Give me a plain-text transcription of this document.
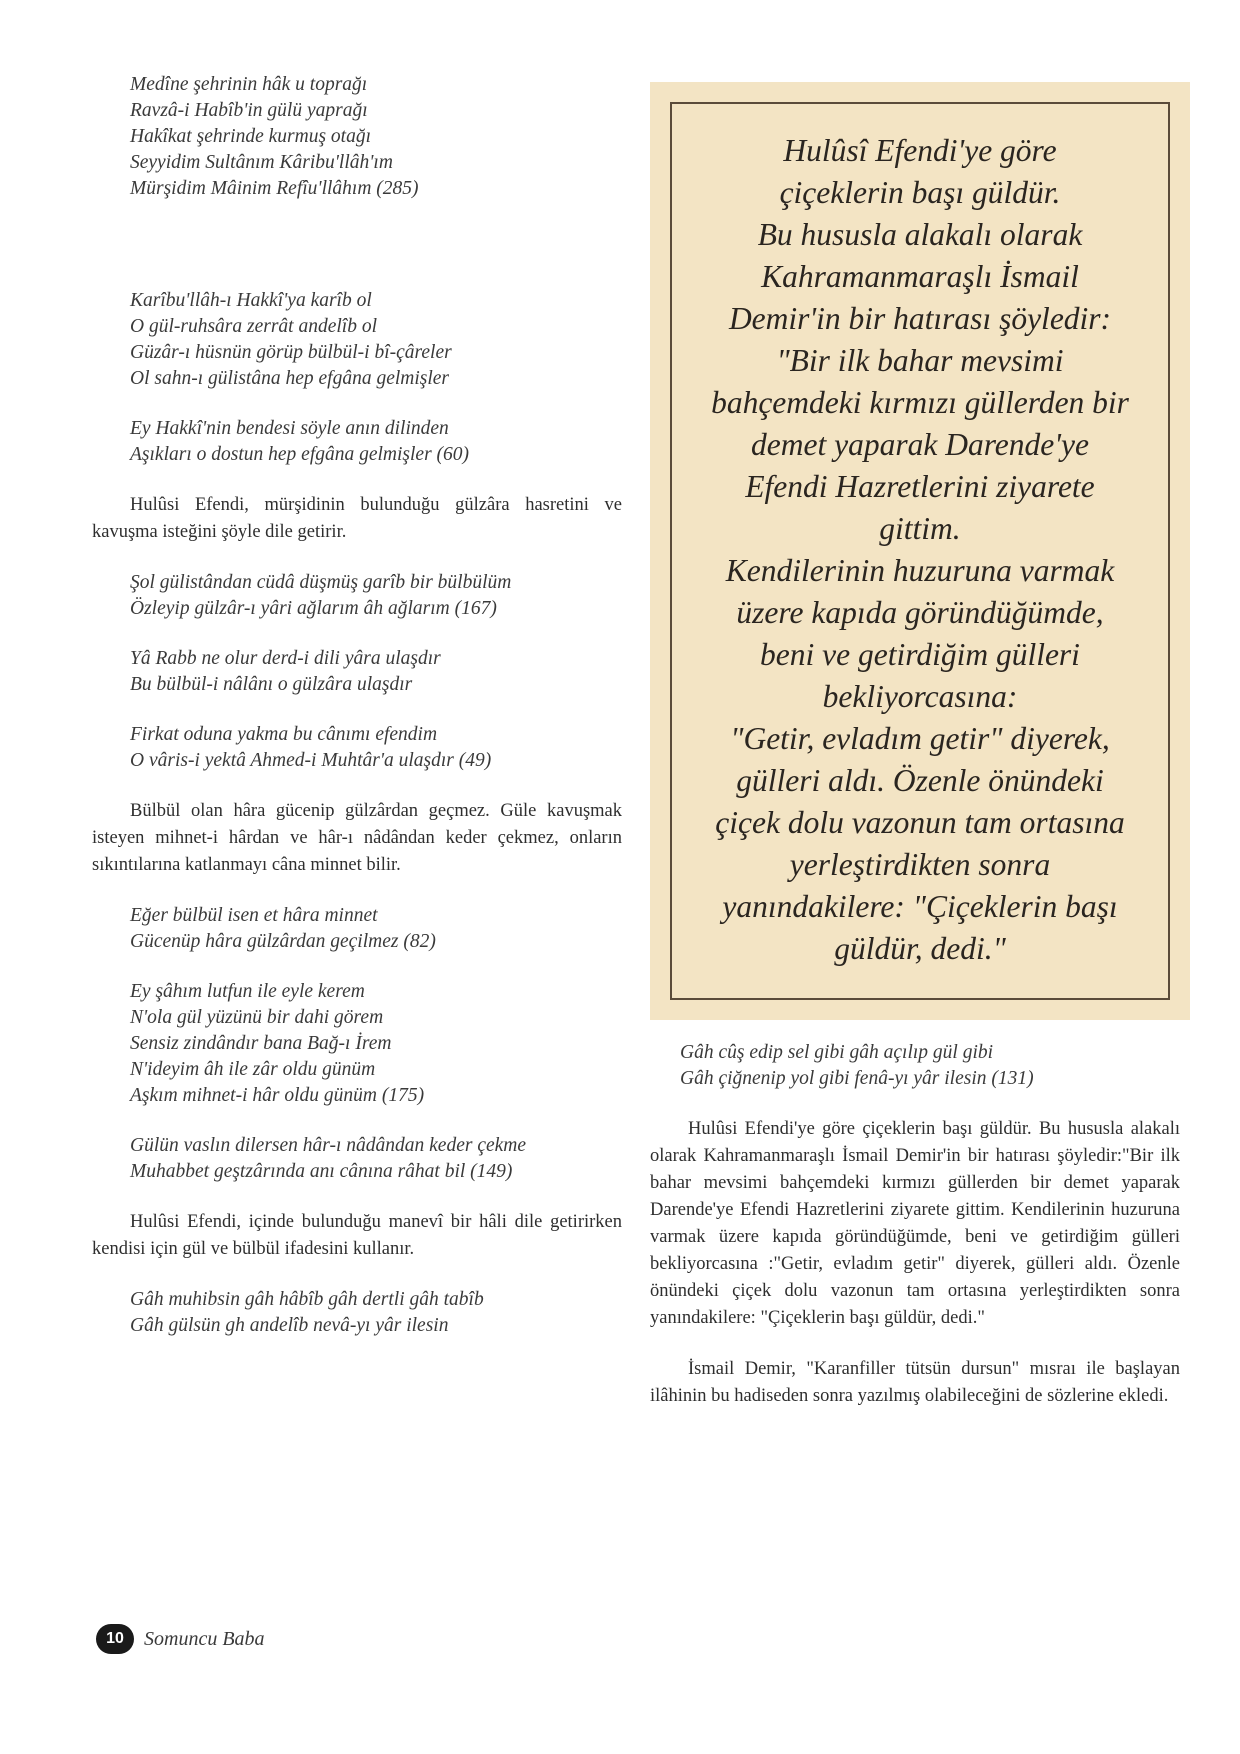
Medîne şehrinin hâk u toprağı
Ravzâ-i Habîb'in gülü yaprağı
Hakîkat şehrinde kurmuş otağı
Seyyidim Sultânım Kâribu'llâh'ım
Mürşidim Mâinim Refîu'llâhım (285)
Karîbu'llâh-ı Hakkî'ya karîb ol
O gül-ruhsâra zerrât andelîb ol
Güzâr-ı hüsnün görüp bülbül-i bî-çâreler
Ol sahn-ı gülistâna hep efgâna gelmişler
Ey Hakkî'nin bendesi söyle anın dilinden
Aşıkları o dostun hep efgâna gelmişler (60)

Hulûsi Efendi, mürşidinin bulunduğu gülzâra hasretini ve kavuşma isteğini şöyle dile getirir.

Şol gülistândan cüdâ düşmüş garîb bir bülbülüm
Özleyip gülzâr-ı yâri ağlarım âh ağlarım (167)
Yâ Rabb ne olur derd-i dili yâra ulaşdır
Bu bülbül-i nâlânı o gülzâra ulaşdır
Firkat oduna yakma bu cânımı efendim
O vâris-i yektâ Ahmed-i Muhtâr'a ulaşdır (49)

Bülbül olan hâra gücenip gülzârdan geçmez. Güle kavuşmak isteyen mihnet-i hârdan ve hâr-ı nâdândan keder çekmez, onların sıkıntılarına katlanmayı câna minnet bilir.

Eğer bülbül isen et hâra minnet
Gücenüp hâra gülzârdan geçilmez (82)
Ey şâhım lutfun ile eyle kerem
N'ola gül yüzünü bir dahi görem
Sensiz zindândır bana Bağ-ı İrem
N'ideyim âh ile zâr oldu günüm
Aşkım mihnet-i hâr oldu günüm (175)
Gülün vaslın dilersen hâr-ı nâdândan keder çekme
Muhabbet geştzârında anı cânına râhat bil (149)

Hulûsi Efendi, içinde bulunduğu manevî bir hâli dile getirirken kendisi için gül ve bülbül ifadesini kullanır.

Gâh muhibsin gâh hâbîb gâh dertli gâh tabîb
Gâh gülsün gh andelîb nevâ-yı yâr ilesin
Hulûsî Efendi'ye göre
çiçeklerin başı güldür.
Bu hususla alakalı olarak
Kahramanmaraşlı İsmail
Demir'in bir hatırası şöyledir:
"Bir ilk bahar mevsimi
bahçemdeki kırmızı güllerden bir
demet yaparak Darende'ye
Efendi Hazretlerini ziyarete
gittim.
Kendilerinin huzuruna varmak
üzere kapıda göründüğümde,
beni ve getirdiğim gülleri
bekliyorcasına:
"Getir, evladım getir" diyerek,
gülleri aldı. Özenle önündeki
çiçek dolu vazonun tam ortasına
yerleştirdikten sonra
yanındakilere: "Çiçeklerin başı
güldür, dedi."
Gâh cûş edip sel gibi gâh açılıp gül gibi
Gâh çiğnenip yol gibi fenâ-yı yâr ilesin (131)

Hulûsi Efendi'ye göre çiçeklerin başı güldür. Bu hususla alakalı olarak Kahramanmaraşlı İsmail Demir'in bir hatırası şöyledir:"Bir ilk bahar mevsimi bahçemdeki kırmızı güllerden bir demet yaparak Darende'ye Efendi Hazretlerini ziyarete gittim. Kendilerinin huzuruna varmak üzere kapıda göründüğümde, beni ve getirdiğim gülleri bekliyorcasına :"Getir, evladım getir" diyerek, gülleri aldı. Özenle önündeki çiçek dolu vazonun tam ortasına yerleştirdikten sonra yanındakilere: "Çiçeklerin başı güldür, dedi."

İsmail Demir, "Karanfiller tütsün dursun" mısraı ile başlayan ilâhinin bu hadiseden sonra yazılmış olabileceğini de sözlerine ekledi.

10	Somuncu Baba
